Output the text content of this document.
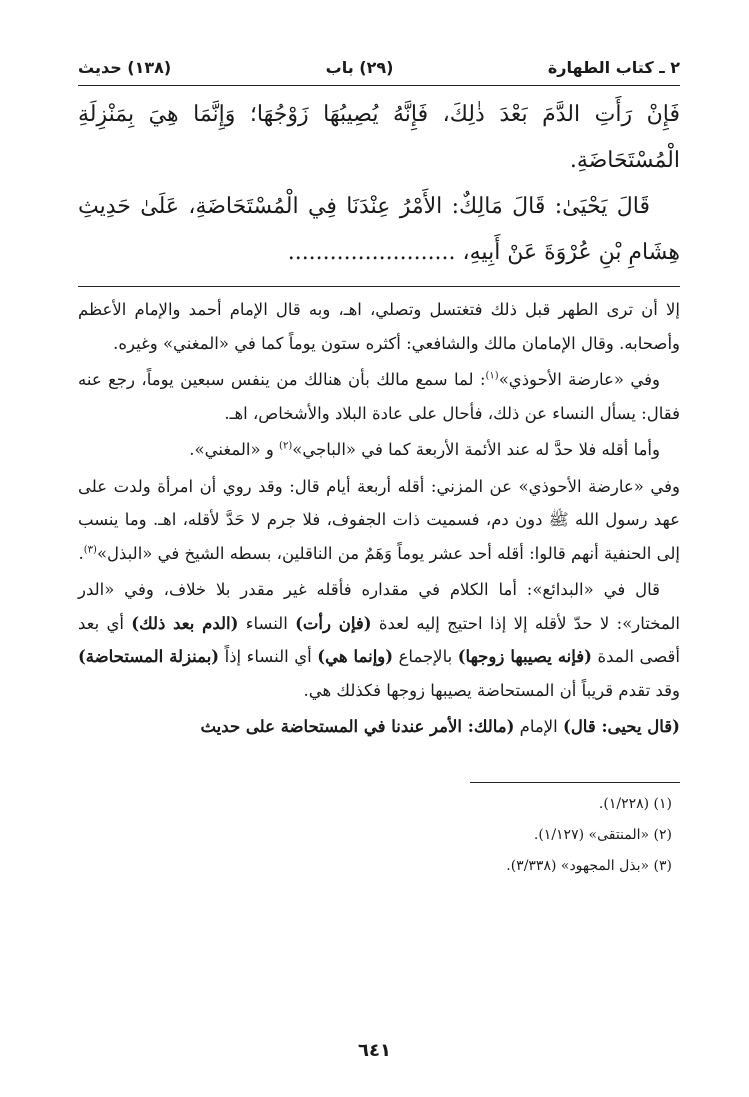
٢ ـ كتاب الطهارة
(٢٩) باب
(١٣٨) حديث

فَإِنْ رَأَتِ الدَّمَ بَعْدَ ذٰلِكَ، فَإِنَّهُ يُصِيبُهَا زَوْجُهَا؛ وَإِنَّمَا هِيَ بِمَنْزِلَةِ الْمُسْتَحَاضَةِ.

قَالَ يَحْيَىٰ: قَالَ مَالِكٌ: الأَمْرُ عِنْدَنَا فِي الْمُسْتَحَاضَةِ، عَلَىٰ حَدِيثِ هِشَامِ بْنِ عُرْوَةَ عَنْ أَبِيهِ، ........................

إلا أن ترى الطهر قبل ذلك فتغتسل وتصلي، اهـ، وبه قال الإمام أحمد والإمام الأعظم وأصحابه. وقال الإمامان مالك والشافعي: أكثره ستون يوماً كما في «المغني» وغيره.

وفي «عارضة الأحوذي»$^{(١)}$: لما سمع مالك بأن هنالك من ينفس سبعين يوماً، رجع عنه فقال: يسأل النساء عن ذلك، فأحال على عادة البلاد والأشخاص، اهـ.

وأما أقله فلا حدَّ له عند الأئمة الأربعة كما في «الباجي»$^{(٢)}$ و «المغني».

وفي «عارضة الأحوذي» عن المزني: أقله أربعة أيام قال: وقد روي أن امرأة ولدت على عهد رسول الله ﷺ دون دم، فسميت ذات الجفوف، فلا جرم لا حَدَّ لأقله، اهـ. وما ينسب إلى الحنفية أنهم قالوا: أقله أحد عشر يوماً وَهَمٌ من الناقلين، بسطه الشيخ في «البذل»$^{(٣)}$.

قال في «البدائع»: أما الكلام في مقداره فأقله غير مقدر بلا خلاف، وفي «الدر المختار»: لا حدّ لأقله إلا إذا احتيج إليه لعدة (فإن رأت) النساء (الدم بعد ذلك) أي بعد أقصى المدة (فإنه يصيبها زوجها) بالإجماع (وإنما هي) أي النساء إذاً (بمنزلة المستحاضة) وقد تقدم قريباً أن المستحاضة يصيبها زوجها فكذلك هي.

(قال يحيى: قال) الإمام (مالك: الأمر عندنا في المستحاضة على حديث

(١) (١/٢٢٨).
(٢) «المنتقى» (١/١٢٧).
(٣) «بذل المجهود» (٣/٣٣٨).
٦٤١
